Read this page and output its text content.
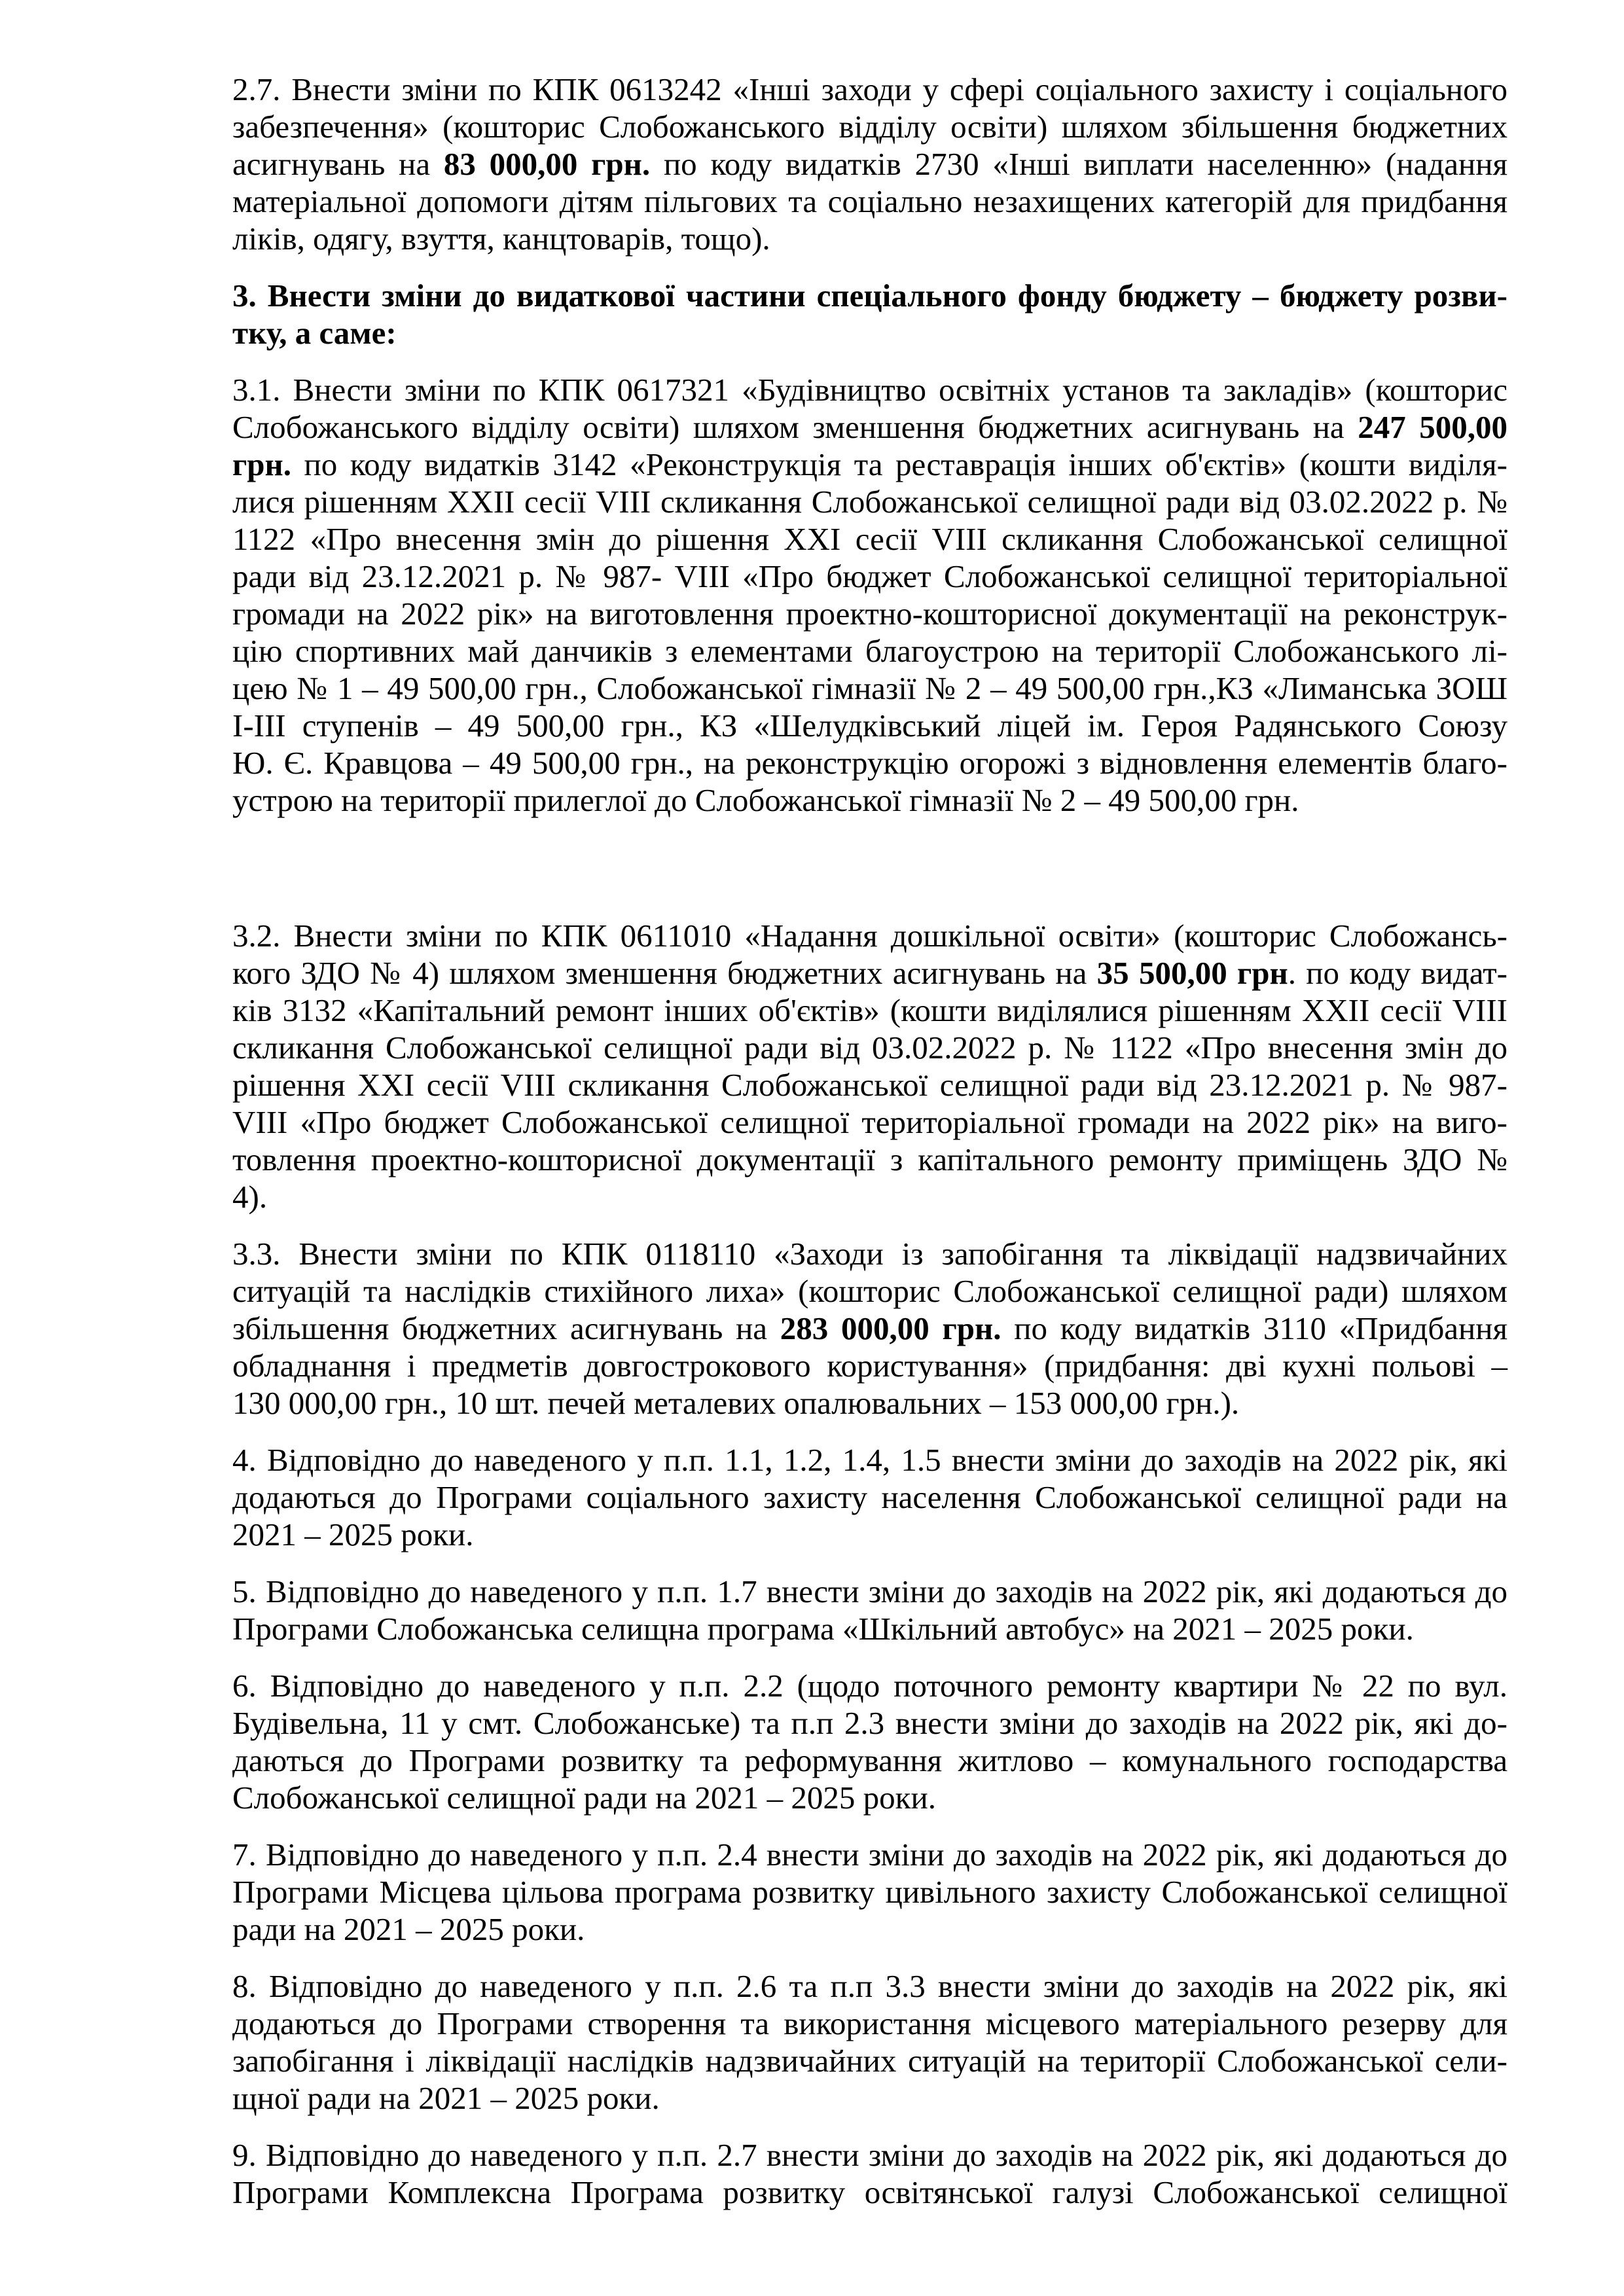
2.7. Внести зміни по КПК 0613242 «Інші заходи у сфері соціального захисту і соціального
забезпечення» (кошторис Слобожанського відділу освіти) шляхом збільшення бюджетних
асигнувань на 83 000,00 грн. по коду видатків 2730 «Інші виплати населенню» (надання
матеріальної допомоги дітям пільгових та соціально незахищених категорій для придбання
ліків, одягу, взуття, канцтоварів, тощо).
3. Внести зміни до видаткової частини спеціального фонду бюджету – бюджету розви-
тку, а саме:
3.1. Внести зміни по КПК 0617321 «Будівництво освітніх установ та закладів» (кошторис
Слобожанського відділу освіти) шляхом зменшення бюджетних асигнувань на 247 500,00
грн. по коду видатків 3142 «Реконструкція та реставрація інших об'єктів» (кошти виділя-
лися рішенням XXII сесії VIII скликання Слобожанської селищної ради від 03.02.2022 р. №
1122 «Про внесення змін до рішення XXI сесії VIII скликання Слобожанської селищної
ради від 23.12.2021 р. № 987- VIII «Про бюджет Слобожанської селищної територіальної
громади на 2022 рік» на виготовлення проектно-кошторисної документації на реконструк-
цію спортивних май данчиків з елементами благоустрою на території Слобожанського лі-
цею № 1 – 49 500,00 грн., Слобожанської гімназії № 2 – 49 500,00 грн.,КЗ «Лиманська ЗОШ
І-ІІІ ступенів – 49 500,00 грн., КЗ «Шелудківський ліцей ім. Героя Радянського Союзу
Ю. Є. Кравцова – 49 500,00 грн., на реконструкцію огорожі з відновлення елементів благо-
устрою на території прилеглої до Слобожанської гімназії № 2 – 49 500,00 грн.
3.2. Внести зміни по КПК 0611010 «Надання дошкільної освіти» (кошторис Слобожансь-
кого ЗДО № 4) шляхом зменшення бюджетних асигнувань на 35 500,00 грн. по коду видат-
ків 3132 «Капітальний ремонт інших об'єктів» (кошти виділялися рішенням XXII сесії VIII
скликання Слобожанської селищної ради від 03.02.2022 р. № 1122 «Про внесення змін до
рішення XXI сесії VIII скликання Слобожанської селищної ради від 23.12.2021 р. № 987-
VIII «Про бюджет Слобожанської селищної територіальної громади на 2022 рік» на виго-
товлення проектно-кошторисної документації з капітального ремонту приміщень ЗДО №
4).
3.3. Внести зміни по КПК 0118110 «Заходи із запобігання та ліквідації надзвичайних
ситуацій та наслідків стихійного лиха» (кошторис Слобожанської селищної ради) шляхом
збільшення бюджетних асигнувань на 283 000,00 грн. по коду видатків 3110 «Придбання
обладнання і предметів довгострокового користування» (придбання: дві кухні польові –
130 000,00 грн., 10 шт. печей металевих опалювальних – 153 000,00 грн.).
4. Відповідно до наведеного у п.п. 1.1, 1.2, 1.4, 1.5 внести зміни до заходів на 2022 рік, які
додаються до Програми соціального захисту населення Слобожанської селищної ради на
2021 – 2025 роки.
5. Відповідно до наведеного у п.п. 1.7 внести зміни до заходів на 2022 рік, які додаються до
Програми Слобожанська селищна програма «Шкільний автобус» на 2021 – 2025 роки.
6. Відповідно до наведеного у п.п. 2.2 (щодо поточного ремонту квартири № 22 по вул.
Будівельна, 11 у смт. Слобожанське) та п.п 2.3 внести зміни до заходів на 2022 рік, які до-
даються до Програми розвитку та реформування житлово – комунального господарства
Слобожанської селищної ради на 2021 – 2025 роки.
7. Відповідно до наведеного у п.п. 2.4 внести зміни до заходів на 2022 рік, які додаються до
Програми Місцева цільова програма розвитку цивільного захисту Слобожанської селищної
ради на 2021 – 2025 роки.
8. Відповідно до наведеного у п.п. 2.6 та п.п 3.3 внести зміни до заходів на 2022 рік, які
додаються до Програми створення та використання місцевого матеріального резерву для
запобігання і ліквідації наслідків надзвичайних ситуацій на території Слобожанської сели-
щної ради на 2021 – 2025 роки.
9. Відповідно до наведеного у п.п. 2.7 внести зміни до заходів на 2022 рік, які додаються до
Програми Комплексна Програма розвитку освітянської галузі Слобожанської селищної
